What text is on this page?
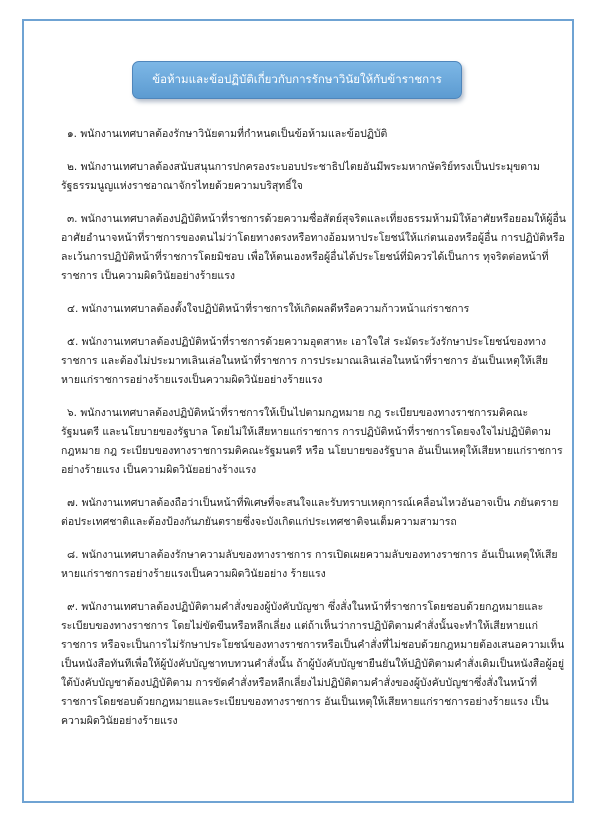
ข้อห้ามและข้อปฏิบัติเกี่ยวกับการรักษาวินัยให้กับข้าราชการ

๑. พนักงานเทศบาลต้องรักษาวินัยตามที่กำหนดเป็นข้อห้ามและข้อปฏิบัติ

๒. พนักงานเทศบาลต้องสนับสนุนการปกครองระบอบประชาธิปไตยอันมีพระมหากษัตริย์ทรงเป็นประมุขตามรัฐธรรมนูญแห่งราชอาณาจักรไทยด้วยความบริสุทธิ์ใจ

๓. พนักงานเทศบาลต้องปฏิบัติหน้าที่ราชการด้วยความซื่อสัตย์สุจริตและเที่ยงธรรมห้ามมิให้อาศัยหรือยอมให้ผู้อื่นอาศัยอำนาจหน้าที่ราชการของตนไม่ว่าโดยทางตรงหรือทางอ้อมหาประโยชน์ให้แก่ตนเองหรือผู้อื่น การปฏิบัติหรือละเว้นการปฏิบัติหน้าที่ราชการโดยมิชอบ เพื่อให้ตนเองหรือผู้อื่นได้ประโยชน์ที่มิควรได้เป็นการ ทุจริตต่อหน้าที่ราชการ เป็นความผิดวินัยอย่างร้ายแรง

๔. พนักงานเทศบาลต้องตั้งใจปฏิบัติหน้าที่ราชการให้เกิดผลดีหรือความก้าวหน้าแก่ราชการ

๕. พนักงานเทศบาลต้องปฏิบัติหน้าที่ราชการด้วยความอุตสาหะ เอาใจใส่ ระมัดระวังรักษาประโยชน์ของทางราชการ และต้องไม่ประมาทเลินเล่อในหน้าที่ราชการ การประมาณเลินเล่อในหน้าที่ราชการ อันเป็นเหตุให้เสียหายแก่ราชการอย่างร้ายแรงเป็นความผิดวินัยอย่างร้ายแรง

๖. พนักงานเทศบาลต้องปฏิบัติหน้าที่ราชการให้เป็นไปตามกฎหมาย กฎ ระเบียบของทางราชการมติคณะรัฐมนตรี และนโยบายของรัฐบาล โดยไม่ให้เสียหายแก่ราชการ การปฏิบัติหน้าที่ราชการโดยจงใจไม่ปฏิบัติตามกฎหมาย กฎ ระเบียบของทางราชการมติคณะรัฐมนตรี หรือ นโยบายของรัฐบาล อันเป็นเหตุให้เสียหายแก่ราชการอย่างร้ายแรง เป็นความผิดวินัยอย่างร้างแรง

๗. พนักงานเทศบาลต้องถือว่าเป็นหน้าที่พิเศษที่จะสนใจและรับทราบเหตุการณ์เคลื่อนไหวอันอาจเป็น ภยันตรายต่อประเทศชาติและต้องป้องกันภยันตรายซึ่งจะบังเกิดแก่ประเทศชาติจนเต็มความสามารถ

๘. พนักงานเทศบาลต้องรักษาความลับของทางราชการ การเปิดเผยความลับของทางราชการ อันเป็นเหตุให้เสียหายแก่ราชการอย่างร้ายแรงเป็นความผิดวินัยอย่าง ร้ายแรง

๙. พนักงานเทศบาลต้องปฏิบัติตามคำสั่งของผู้บังคับบัญชา ซึ่งสั่งในหน้าที่ราชการโดยชอบด้วยกฎหมายและระเบียบของทางราชการ โดยไม่ขัดขืนหรือหลีกเลี่ยง แต่ถ้าเห็นว่าการปฏิบัติตามคำสั่งนั้นจะทำให้เสียหายแก่ราชการ หรือจะเป็นการไม่รักษาประโยชน์ของทางราชการหรือเป็นคำสั่งที่ไม่ชอบด้วยกฎหมายต้องเสนอความเห็นเป็นหนังสือทันทีเพื่อให้ผู้บังคับบัญชาทบทวนคำสั่งนั้น ถ้าผู้บังคับบัญชายืนยันให้ปฏิบัติตามคำสั่งเดิมเป็นหนังสือผู้อยู่ใต้บังคับบัญชาต้องปฏิบัติตาม การขัดคำสั่งหรือหลีกเลี่ยงไม่ปฏิบัติตามคำสั่งของผู้บังคับบัญชาซึ่งสั่งในหน้าที่ราชการโดยชอบด้วยกฎหมายและระเบียบของทางราชการ อันเป็นเหตุให้เสียหายแก่ราชการอย่างร้ายแรง เป็นความผิดวินัยอย่างร้ายแรง
